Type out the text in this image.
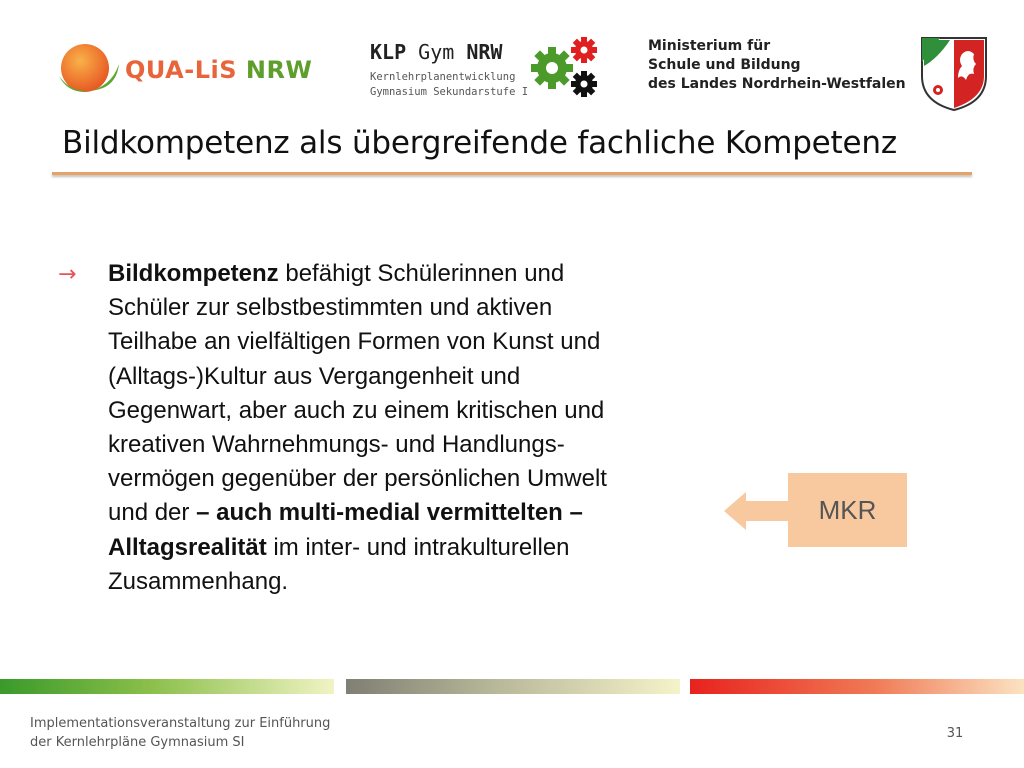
QUA-LiS NRW
KLP Gym NRW
Kernlehrplanentwicklung
Gymnasium Sekundarstufe I
Ministerium für
Schule und Bildung
des Landes Nordrhein-Westfalen
Bildkompetenz als übergreifende fachliche Kompetenz
→ Bildkompetenz befähigt Schülerinnen und
Schüler zur selbstbestimmten und aktiven
Teilhabe an vielfältigen Formen von Kunst und
(Alltags-)Kultur aus Vergangenheit und
Gegenwart, aber auch zu einem kritischen und
kreativen Wahrnehmungs- und Handlungs-
vermögen gegenüber der persönlichen Umwelt
und der – auch multi-medial vermittelten –
Alltagsrealität im inter- und intrakulturellen
Zusammenhang.
MKR
Implementationsveranstaltung zur Einführung
der Kernlehrpläne Gymnasium SI
31
